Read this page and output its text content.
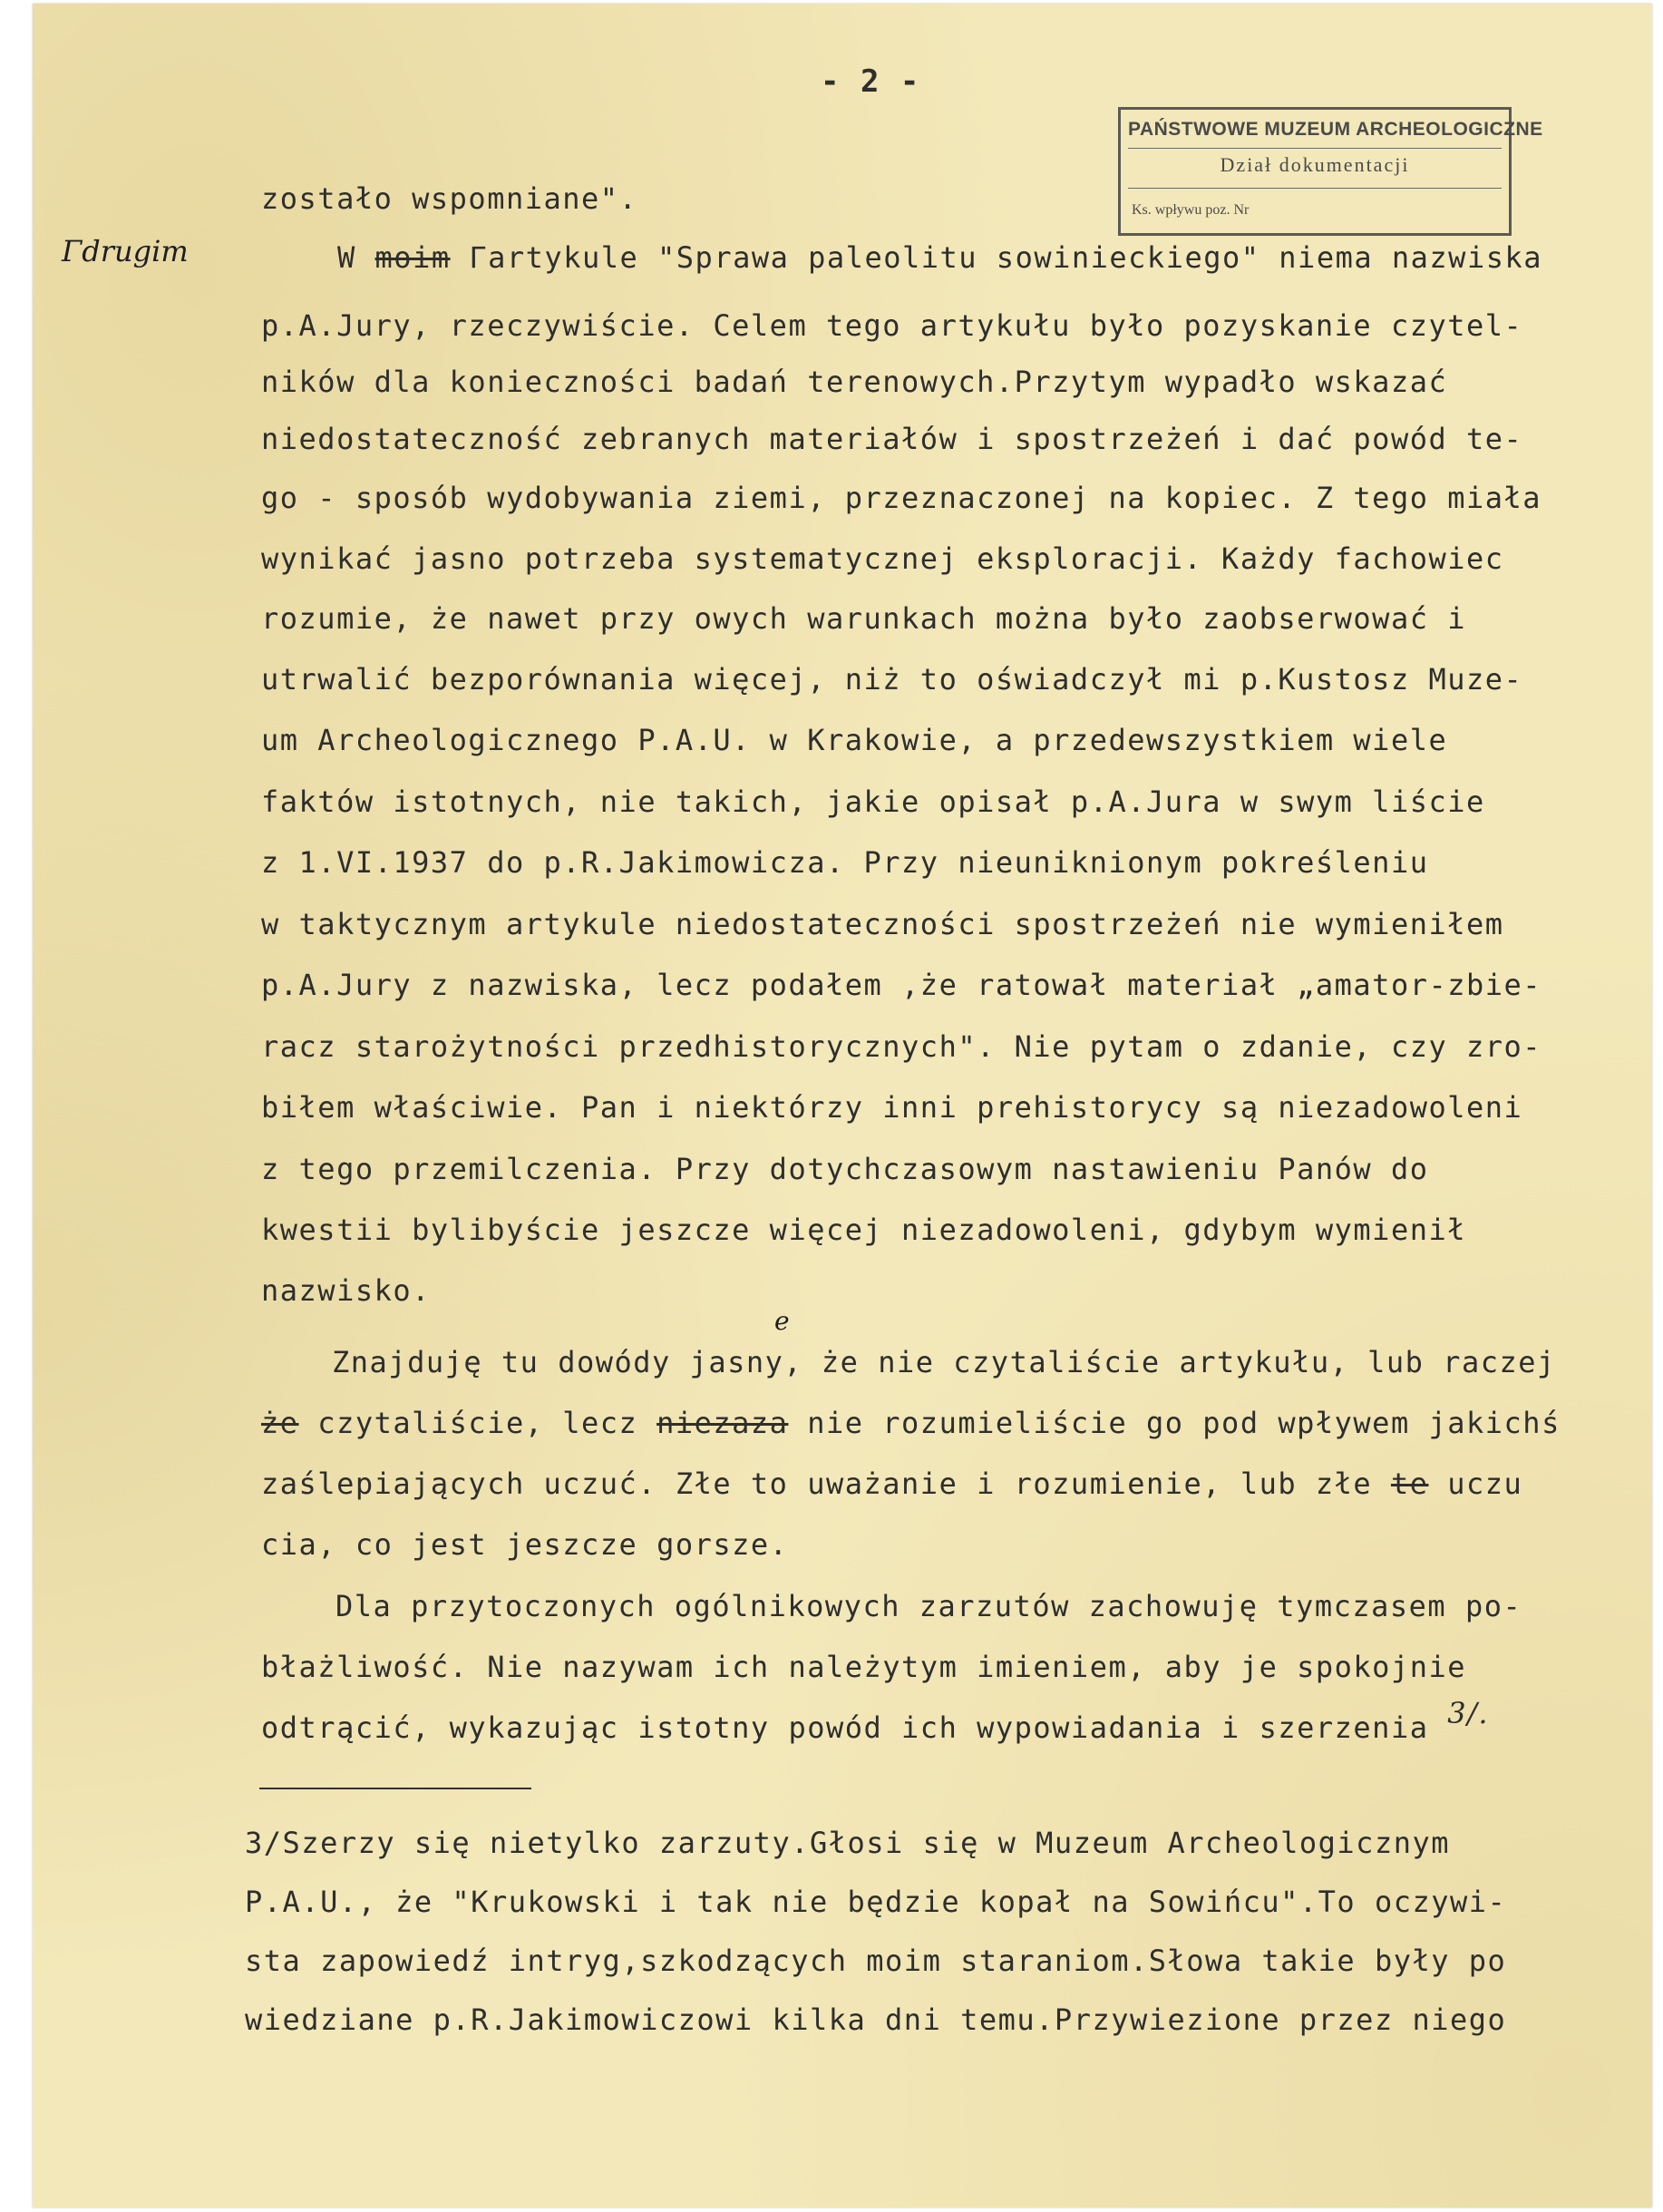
- 2 -
PAŃSTWOWE MUZEUM ARCHEOLOGICZNE
Dział dokumentacji
Ks. wpływu poz. Nr
Γdrugim
zostało wspomniane".
W moim Γartykule "Sprawa paleolitu sowinieckiego" niema nazwiska
p.A.Jury, rzeczywiście. Celem tego artykułu było pozyskanie czytel-
ników dla konieczności badań terenowych.Przytym wypadło wskazać
niedostateczność zebranych materiałów i spostrzeżeń i dać powód te-
go - sposób wydobywania ziemi, przeznaczonej na kopiec. Z tego miała
wynikać jasno potrzeba systematycznej eksploracji. Każdy fachowiec
rozumie, że nawet przy owych warunkach można było zaobserwować i
utrwalić bezporównania więcej, niż to oświadczył mi p.Kustosz Muze-
um Archeologicznego P.A.U. w Krakowie, a przedewszystkiem wiele
faktów istotnych, nie takich, jakie opisał p.A.Jura w swym liście
z 1.VI.1937 do p.R.Jakimowicza. Przy nieuniknionym pokreśleniu
w taktycznym artykule niedostateczności spostrzeżeń nie wymieniłem
p.A.Jury z nazwiska, lecz podałem ,że ratował materiał „amator-zbie-
racz starożytności przedhistorycznych". Nie pytam o zdanie, czy zro-
biłem właściwie. Pan i niektórzy inni prehistorycy są niezadowoleni
z tego przemilczenia. Przy dotychczasowym nastawieniu Panów do
kwestii bylibyście jeszcze więcej niezadowoleni, gdybym wymienił
nazwisko.
Znajduję tu dowódy jasny, że nie czytaliście artykułu, lub raczej
e
że czytaliście, lecz niezaza nie rozumieliście go pod wpływem jakichś
zaślepiających uczuć. Złe to uważanie i rozumienie, lub złe te uczu
cia, co jest jeszcze gorsze.
Dla przytoczonych ogólnikowych zarzutów zachowuję tymczasem po-
błażliwość. Nie nazywam ich należytym imieniem, aby je spokojnie
odtrącić, wykazując istotny powód ich wypowiadania i szerzenia 3/.
3/Szerzy się nietylko zarzuty.Głosi się w Muzeum Archeologicznym
P.A.U., że "Krukowski i tak nie będzie kopał na Sowińcu".To oczywi-
sta zapowiedź intryg,szkodzących moim staraniom.Słowa takie były po
wiedziane p.R.Jakimowiczowi kilka dni temu.Przywiezione przez niego
